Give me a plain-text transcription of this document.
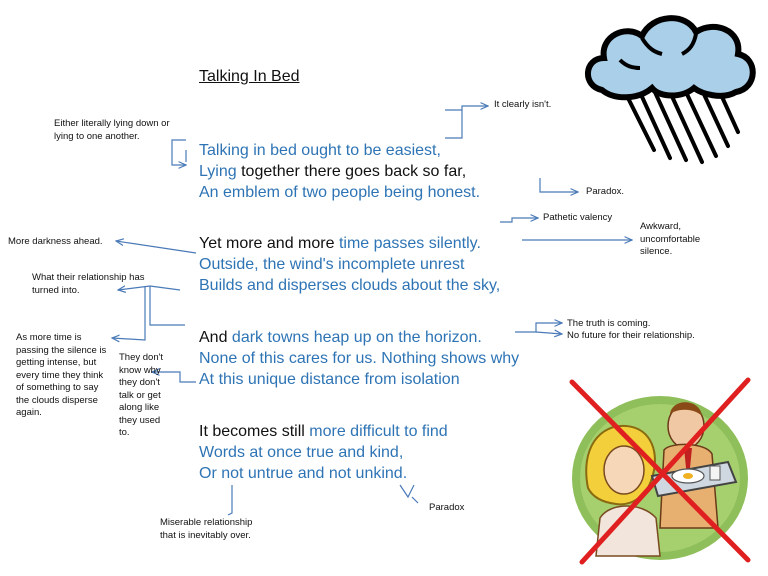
Talking In Bed
Talking in bed ought to be easiest,
Lying together there goes back so far,
An emblem of two people being honest.
Yet more and more time passes silently.
Outside, the wind's incomplete unrest
Builds and disperses clouds about the sky,
And dark towns heap up on the horizon.
None of this cares for us. Nothing shows why
At this unique distance from isolation
It becomes still more difficult to find
Words at once true and kind,
Or not untrue and not unkind.
Either literally lying down or lying to one another.
It clearly isn't.
Paradox.
Pathetic valency
Awkward, uncomfortable silence.
More darkness ahead.
What their relationship has turned into.
The truth is coming.
No future for their relationship.
As more time is passing the silence is getting intense, but every time they think of something to say the clouds disperse again.
They don't know why they don't talk or get along like they used to.
Paradox
Miserable relationship that is inevitably over.
